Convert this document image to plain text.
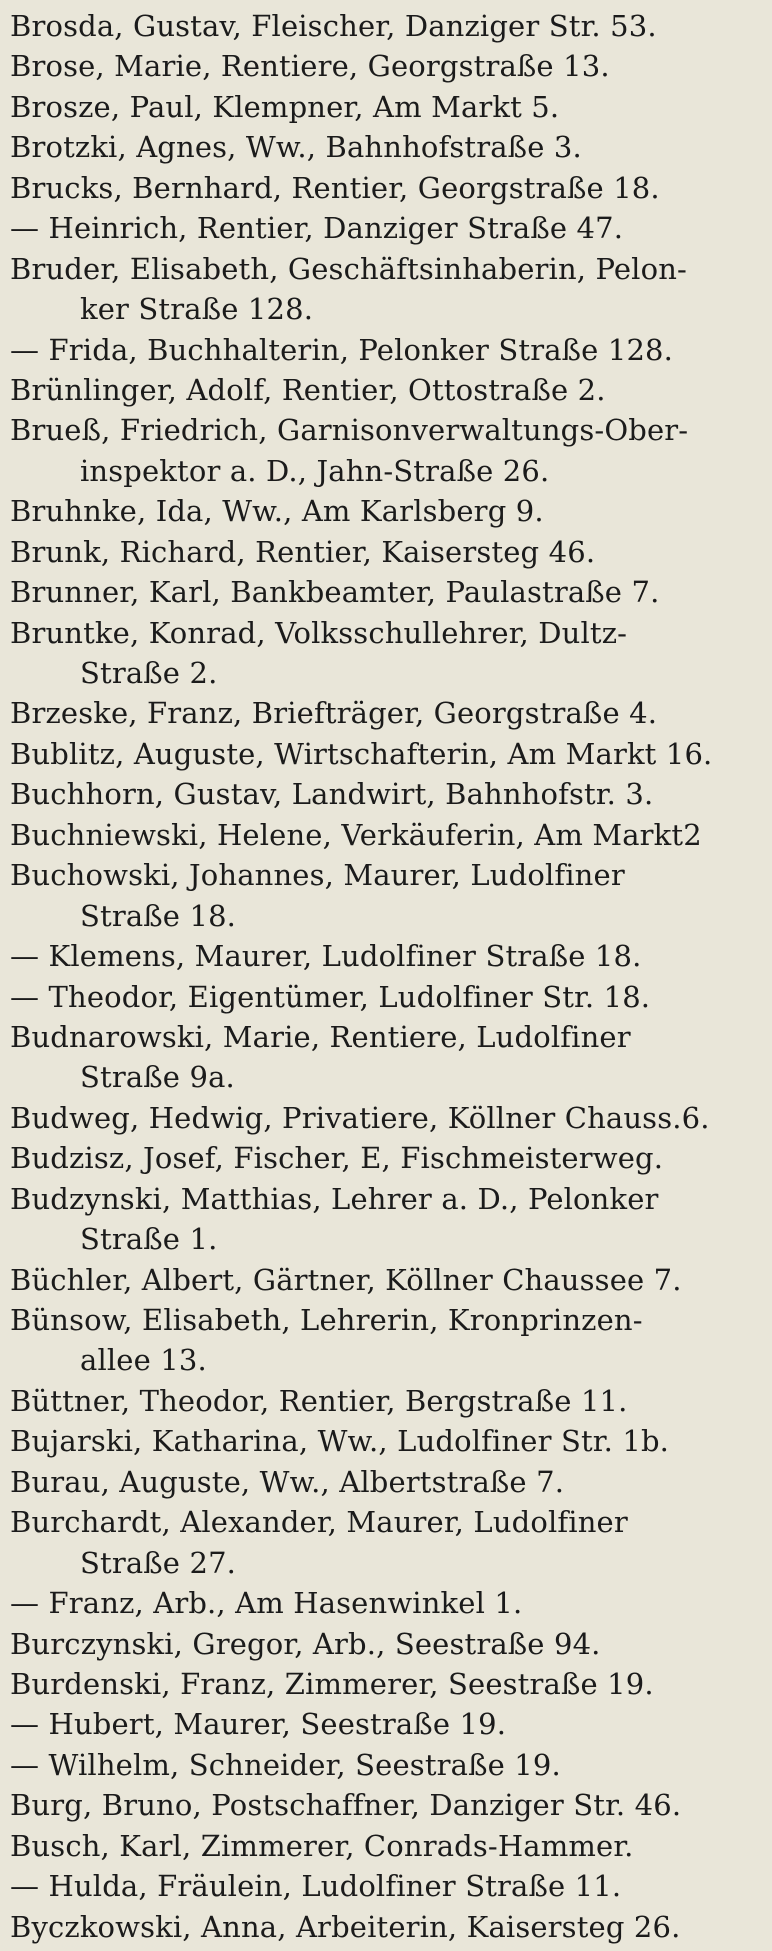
Brosda, Gustav, Fleischer, Danziger Str. 53.
Brose, Marie, Rentiere, Georgstraße 13.
Brosze, Paul, Klempner, Am Markt 5.
Brotzki, Agnes, Ww., Bahnhofstraße 3.
Brucks, Bernhard, Rentier, Georgstraße 18.
— Heinrich, Rentier, Danziger Straße 47.
Bruder, Elisabeth, Geschäftsinhaberin, Pelon-
ker Straße 128.
— Frida, Buchhalterin, Pelonker Straße 128.
Brünlinger, Adolf, Rentier, Ottostraße 2.
Brueß, Friedrich, Garnisonverwaltungs-Ober-
inspektor a. D., Jahn-Straße 26.
Bruhnke, Ida, Ww., Am Karlsberg 9.
Brunk, Richard, Rentier, Kaisersteg 46.
Brunner, Karl, Bankbeamter, Paulastraße 7.
Bruntke, Konrad, Volksschullehrer, Dultz-
Straße 2.
Brzeske, Franz, Briefträger, Georgstraße 4.
Bublitz, Auguste, Wirtschafterin, Am Markt 16.
Buchhorn, Gustav, Landwirt, Bahnhofstr. 3.
Buchniewski, Helene, Verkäuferin, Am Markt2
Buchowski, Johannes, Maurer, Ludolfiner
Straße 18.
— Klemens, Maurer, Ludolfiner Straße 18.
— Theodor, Eigentümer, Ludolfiner Str. 18.
Budnarowski, Marie, Rentiere, Ludolfiner
Straße 9a.
Budweg, Hedwig, Privatiere, Köllner Chauss.6.
Budzisz, Josef, Fischer, E, Fischmeisterweg.
Budzynski, Matthias, Lehrer a. D., Pelonker
Straße 1.
Büchler, Albert, Gärtner, Köllner Chaussee 7.
Bünsow, Elisabeth, Lehrerin, Kronprinzen-
allee 13.
Büttner, Theodor, Rentier, Bergstraße 11.
Bujarski, Katharina, Ww., Ludolfiner Str. 1b.
Burau, Auguste, Ww., Albertstraße 7.
Burchardt, Alexander, Maurer, Ludolfiner
Straße 27.
— Franz, Arb., Am Hasenwinkel 1.
Burczynski, Gregor, Arb., Seestraße 94.
Burdenski, Franz, Zimmerer, Seestraße 19.
— Hubert, Maurer, Seestraße 19.
— Wilhelm, Schneider, Seestraße 19.
Burg, Bruno, Postschaffner, Danziger Str. 46.
Busch, Karl, Zimmerer, Conrads-Hammer.
— Hulda, Fräulein, Ludolfiner Straße 11.
Byczkowski, Anna, Arbeiterin, Kaisersteg 26.
